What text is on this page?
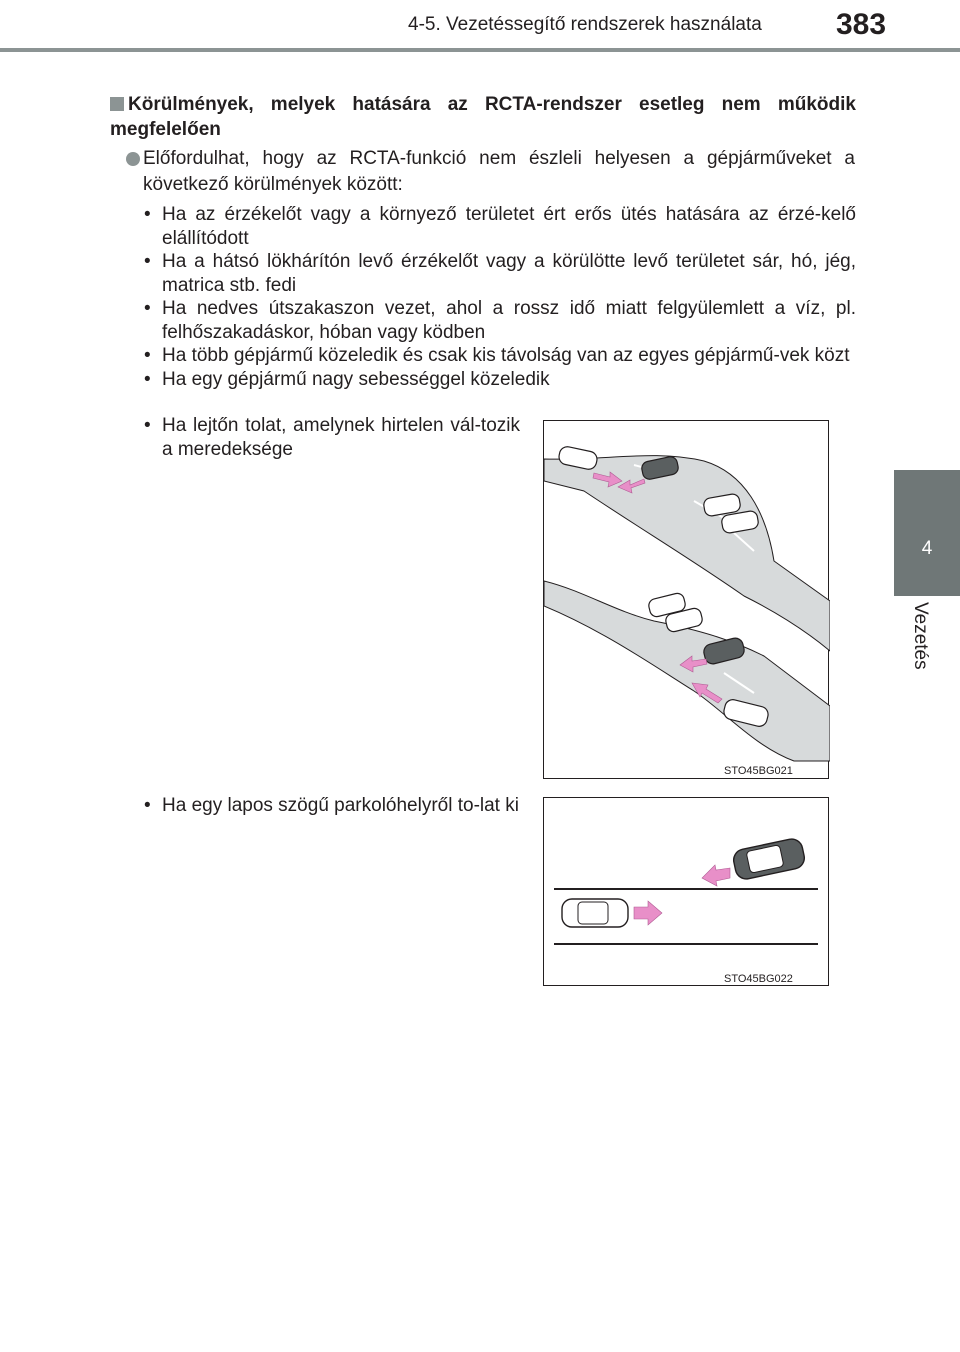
4-5. Vezetéssegítő rendszerek használata 383
4
Vezetés
Körülmények, melyek hatására az RCTA-rendszer esetleg nem működik megfelelően
Előfordulhat, hogy az RCTA-funkció nem észleli helyesen a gépjárműveket a következő körülmények között:
• Ha az érzékelőt vagy a környező területet ért erős ütés hatására az érzé-kelő elállítódott
• Ha a hátsó lökhárítón levő érzékelőt vagy a körülötte levő területet sár, hó, jég, matrica stb. fedi
• Ha nedves útszakaszon vezet, ahol a rossz idő miatt felgyülemlett a víz, pl. felhőszakadáskor, hóban vagy ködben
• Ha több gépjármű közeledik és csak kis távolság van az egyes gépjármű-vek közt
• Ha egy gépjármű nagy sebességgel közeledik
• Ha lejtőn tolat, amelynek hirtelen vál-tozik a meredeksége
• Ha egy lapos szögű parkolóhelyről to-lat ki
STO45BG021
STO45BG022
